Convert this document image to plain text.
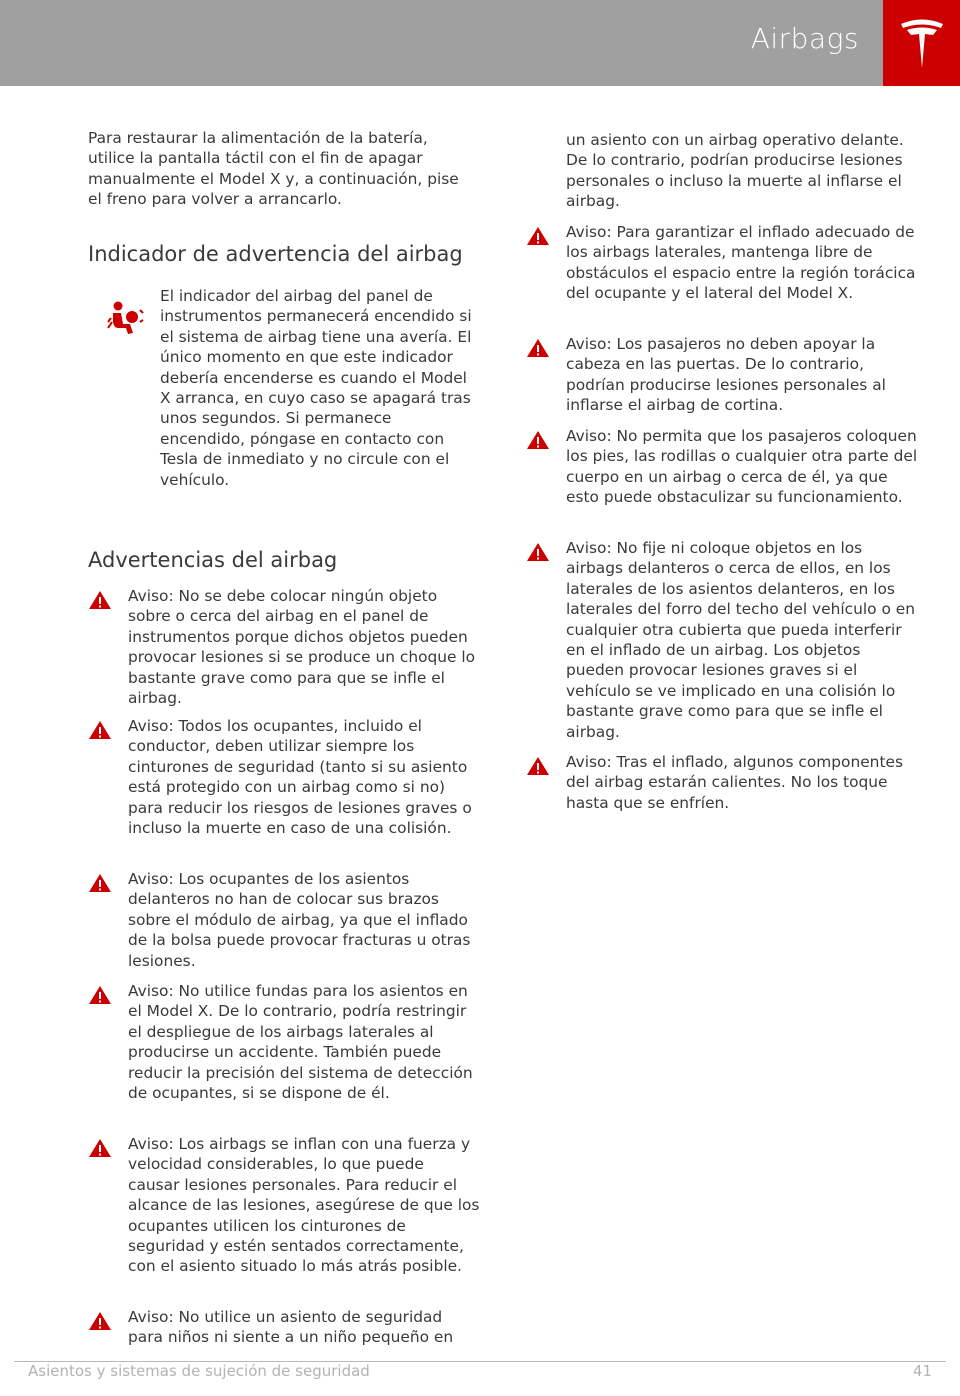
Airbags

Para restaurar la alimentación de la batería, utilice la pantalla táctil con el fin de apagar manualmente el Model X y, a continuación, pise el freno para volver a arrancarlo.

Indicador de advertencia del airbag
El indicador del airbag del panel de instrumentos permanecerá encendido si el sistema de airbag tiene una avería. El único momento en que este indicador debería encenderse es cuando el Model X arranca, en cuyo caso se apagará tras unos segundos. Si permanece encendido, póngase en contacto con Tesla de inmediato y no circule con el vehículo.
Advertencias del airbag
Aviso: No se debe colocar ningún objeto sobre o cerca del airbag en el panel de instrumentos porque dichos objetos pueden provocar lesiones si se produce un choque lo bastante grave como para que se infle el airbag.
Aviso: Todos los ocupantes, incluido el conductor, deben utilizar siempre los cinturones de seguridad (tanto si su asiento está protegido con un airbag como si no) para reducir los riesgos de lesiones graves o incluso la muerte en caso de una colisión.
Aviso: Los ocupantes de los asientos delanteros no han de colocar sus brazos sobre el módulo de airbag, ya que el inflado de la bolsa puede provocar fracturas u otras lesiones.
Aviso: No utilice fundas para los asientos en el Model X. De lo contrario, podría restringir el despliegue de los airbags laterales al producirse un accidente. También puede reducir la precisión del sistema de detección de ocupantes, si se dispone de él.
Aviso: Los airbags se inflan con una fuerza y velocidad considerables, lo que puede causar lesiones personales. Para reducir el alcance de las lesiones, asegúrese de que los ocupantes utilicen los cinturones de seguridad y estén sentados correctamente, con el asiento situado lo más atrás posible.
Aviso: No utilice un asiento de seguridad para niños ni siente a un niño pequeño en
un asiento con un airbag operativo delante. De lo contrario, podrían producirse lesiones personales o incluso la muerte al inflarse el airbag.
Aviso: Para garantizar el inflado adecuado de los airbags laterales, mantenga libre de obstáculos el espacio entre la región torácica del ocupante y el lateral del Model X.
Aviso: Los pasajeros no deben apoyar la cabeza en las puertas. De lo contrario, podrían producirse lesiones personales al inflarse el airbag de cortina.
Aviso: No permita que los pasajeros coloquen los pies, las rodillas o cualquier otra parte del cuerpo en un airbag o cerca de él, ya que esto puede obstaculizar su funcionamiento.
Aviso: No fije ni coloque objetos en los airbags delanteros o cerca de ellos, en los laterales de los asientos delanteros, en los laterales del forro del techo del vehículo o en cualquier otra cubierta que pueda interferir en el inflado de un airbag. Los objetos pueden provocar lesiones graves si el vehículo se ve implicado en una colisión lo bastante grave como para que se infle el airbag.
Aviso: Tras el inflado, algunos componentes del airbag estarán calientes. No los toque hasta que se enfríen.
Asientos y sistemas de sujeción de seguridad	41
